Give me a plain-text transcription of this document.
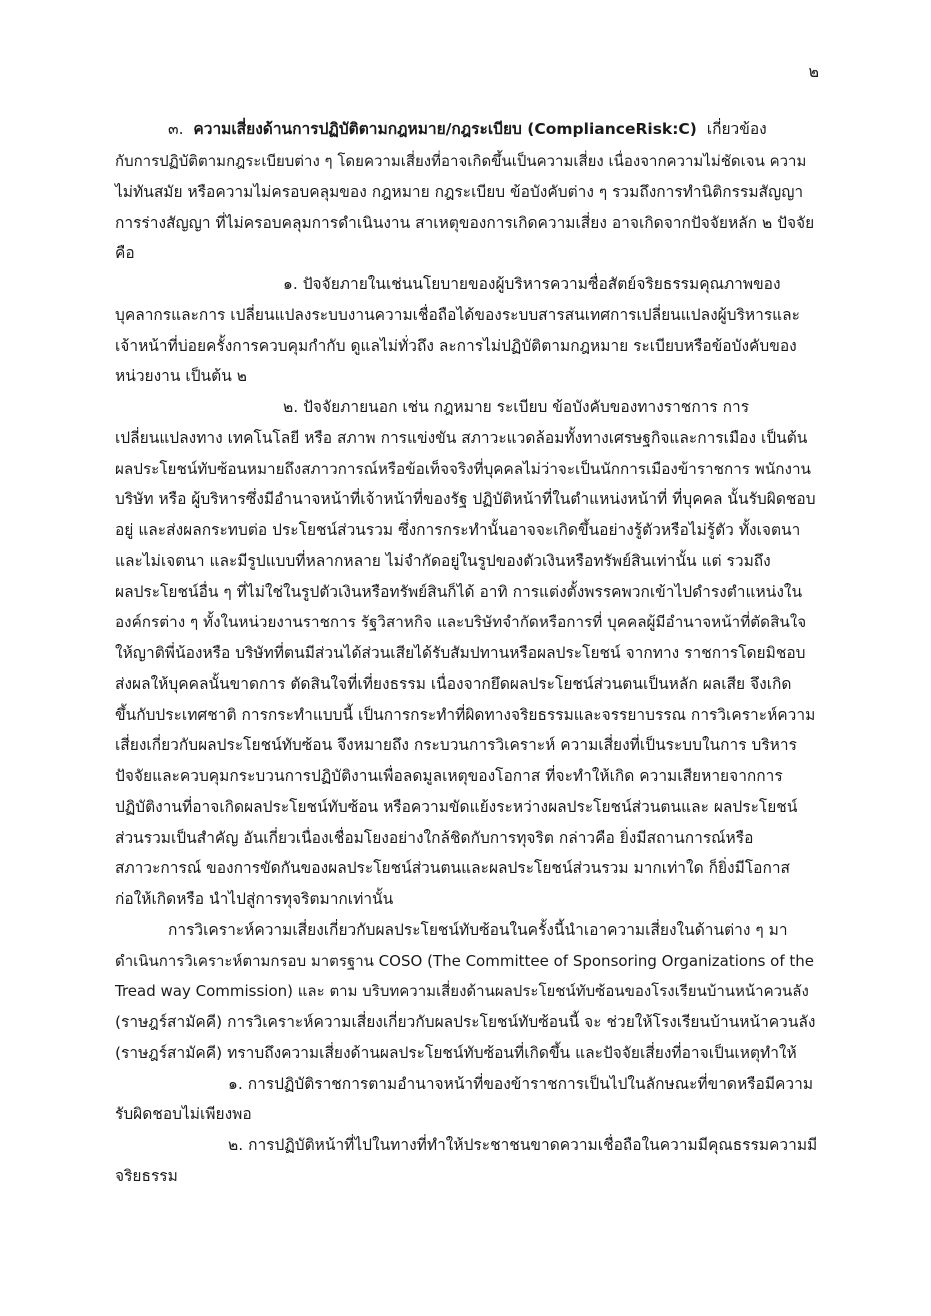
๒
๓. ความเสี่ยงด้านการปฏิบัติตามกฎหมาย/กฎระเบียบ (ComplianceRisk:C) เกี่ยวข้อง
กับการปฏิบัติตามกฎระเบียบต่าง ๆ โดยความเสี่ยงที่อาจเกิดขึ้นเป็นความเสี่ยง เนื่องจากความไม่ชัดเจน ความ
ไม่ทันสมัย หรือความไม่ครอบคลุมของ กฎหมาย กฎระเบียบ ข้อบังคับต่าง ๆ รวมถึงการทำนิติกรรมสัญญา
การร่างสัญญา ที่ไม่ครอบคลุมการดำเนินงาน สาเหตุของการเกิดความเสี่ยง อาจเกิดจากปัจจัยหลัก ๒ ปัจจัย
คือ
๑. ปัจจัยภายในเช่นนโยบายของผู้บริหารความซื่อสัตย์จริยธรรมคุณภาพของ
บุคลากรและการ เปลี่ยนแปลงระบบงานความเชื่อถือได้ของระบบสารสนเทศการเปลี่ยนแปลงผู้บริหารและ
เจ้าหน้าที่บ่อยครั้งการควบคุมกำกับ ดูแลไม่ทั่วถึง ละการไม่ปฏิบัติตามกฎหมาย ระเบียบหรือข้อบังคับของ
หน่วยงาน เป็นต้น ๒
๒. ปัจจัยภายนอก เช่น กฎหมาย ระเบียบ ข้อบังคับของทางราชการ การ
เปลี่ยนแปลงทาง เทคโนโลยี หรือ สภาพ การแข่งขัน สภาวะแวดล้อมทั้งทางเศรษฐกิจและการเมือง เป็นต้น
ผลประโยชน์ทับซ้อนหมายถึงสภาวการณ์หรือข้อเท็จจริงที่บุคคลไม่ว่าจะเป็นนักการเมืองข้าราชการ พนักงาน
บริษัท หรือ ผู้บริหารซึ่งมีอำนาจหน้าที่เจ้าหน้าที่ของรัฐ ปฏิบัติหน้าที่ในตำแหน่งหน้าที่ ที่บุคคล นั้นรับผิดชอบ
อยู่ และส่งผลกระทบต่อ ประโยชน์ส่วนรวม ซึ่งการกระทำนั้นอาจจะเกิดขึ้นอย่างรู้ตัวหรือไม่รู้ตัว ทั้งเจตนา
และไม่เจตนา และมีรูปแบบที่หลากหลาย ไม่จำกัดอยู่ในรูปของตัวเงินหรือทรัพย์สินเท่านั้น แต่ รวมถึง
ผลประโยชน์อื่น ๆ ที่ไม่ใช่ในรูปตัวเงินหรือทรัพย์สินก็ได้ อาทิ การแต่งตั้งพรรคพวกเข้าไปดำรงตำแหน่งใน
องค์กรต่าง ๆ ทั้งในหน่วยงานราชการ รัฐวิสาหกิจ และบริษัทจำกัดหรือการที่ บุคคลผู้มีอำนาจหน้าที่ตัดสินใจ
ให้ญาติพี่น้องหรือ บริษัทที่ตนมีส่วนได้ส่วนเสียได้รับสัมปทานหรือผลประโยชน์ จากทาง ราชการโดยมิชอบ
ส่งผลให้บุคคลนั้นขาดการ ตัดสินใจที่เที่ยงธรรม เนื่องจากยึดผลประโยชน์ส่วนตนเป็นหลัก ผลเสีย จึงเกิด
ขึ้นกับประเทศชาติ การกระทำแบบนี้ เป็นการกระทำที่ผิดทางจริยธรรมและจรรยาบรรณ การวิเคราะห์ความ
เสี่ยงเกี่ยวกับผลประโยชน์ทับซ้อน จึงหมายถึง กระบวนการวิเคราะห์ ความเสี่ยงที่เป็นระบบในการ บริหาร
ปัจจัยและควบคุมกระบวนการปฏิบัติงานเพื่อลดมูลเหตุของโอกาส ที่จะทำให้เกิด ความเสียหายจากการ
ปฏิบัติงานที่อาจเกิดผลประโยชน์ทับซ้อน หรือความขัดแย้งระหว่างผลประโยชน์ส่วนตนและ ผลประโยชน์
ส่วนรวมเป็นสำคัญ อันเกี่ยวเนื่องเชื่อมโยงอย่างใกล้ชิดกับการทุจริต กล่าวคือ ยิ่งมีสถานการณ์หรือ
สภาวะการณ์ ของการขัดกันของผลประโยชน์ส่วนตนและผลประโยชน์ส่วนรวม มากเท่าใด ก็ยิ่งมีโอกาส
ก่อให้เกิดหรือ นำไปสู่การทุจริตมากเท่านั้น
การวิเคราะห์ความเสี่ยงเกี่ยวกับผลประโยชน์ทับซ้อนในครั้งนี้นำเอาความเสี่ยงในด้านต่าง ๆ มา
ดำเนินการวิเคราะห์ตามกรอบ มาตรฐาน COSO (The Committee of Sponsoring Organizations of the
Tread way Commission) และ ตาม บริบทความเสี่ยงด้านผลประโยชน์ทับซ้อนของโรงเรียนบ้านหน้าควนลัง
(ราษฎร์สามัคคี) การวิเคราะห์ความเสี่ยงเกี่ยวกับผลประโยชน์ทับซ้อนนี้ จะ ช่วยให้โรงเรียนบ้านหน้าควนลัง
(ราษฎร์สามัคคี) ทราบถึงความเสี่ยงด้านผลประโยชน์ทับซ้อนที่เกิดขึ้น และปัจจัยเสี่ยงที่อาจเป็นเหตุทำให้
๑. การปฏิบัติราชการตามอำนาจหน้าที่ของข้าราชการเป็นไปในลักษณะที่ขาดหรือมีความ
รับผิดชอบไม่เพียงพอ
๒. การปฏิบัติหน้าที่ไปในทางที่ทำให้ประชาชนขาดความเชื่อถือในความมีคุณธรรมความมี
จริยธรรม
